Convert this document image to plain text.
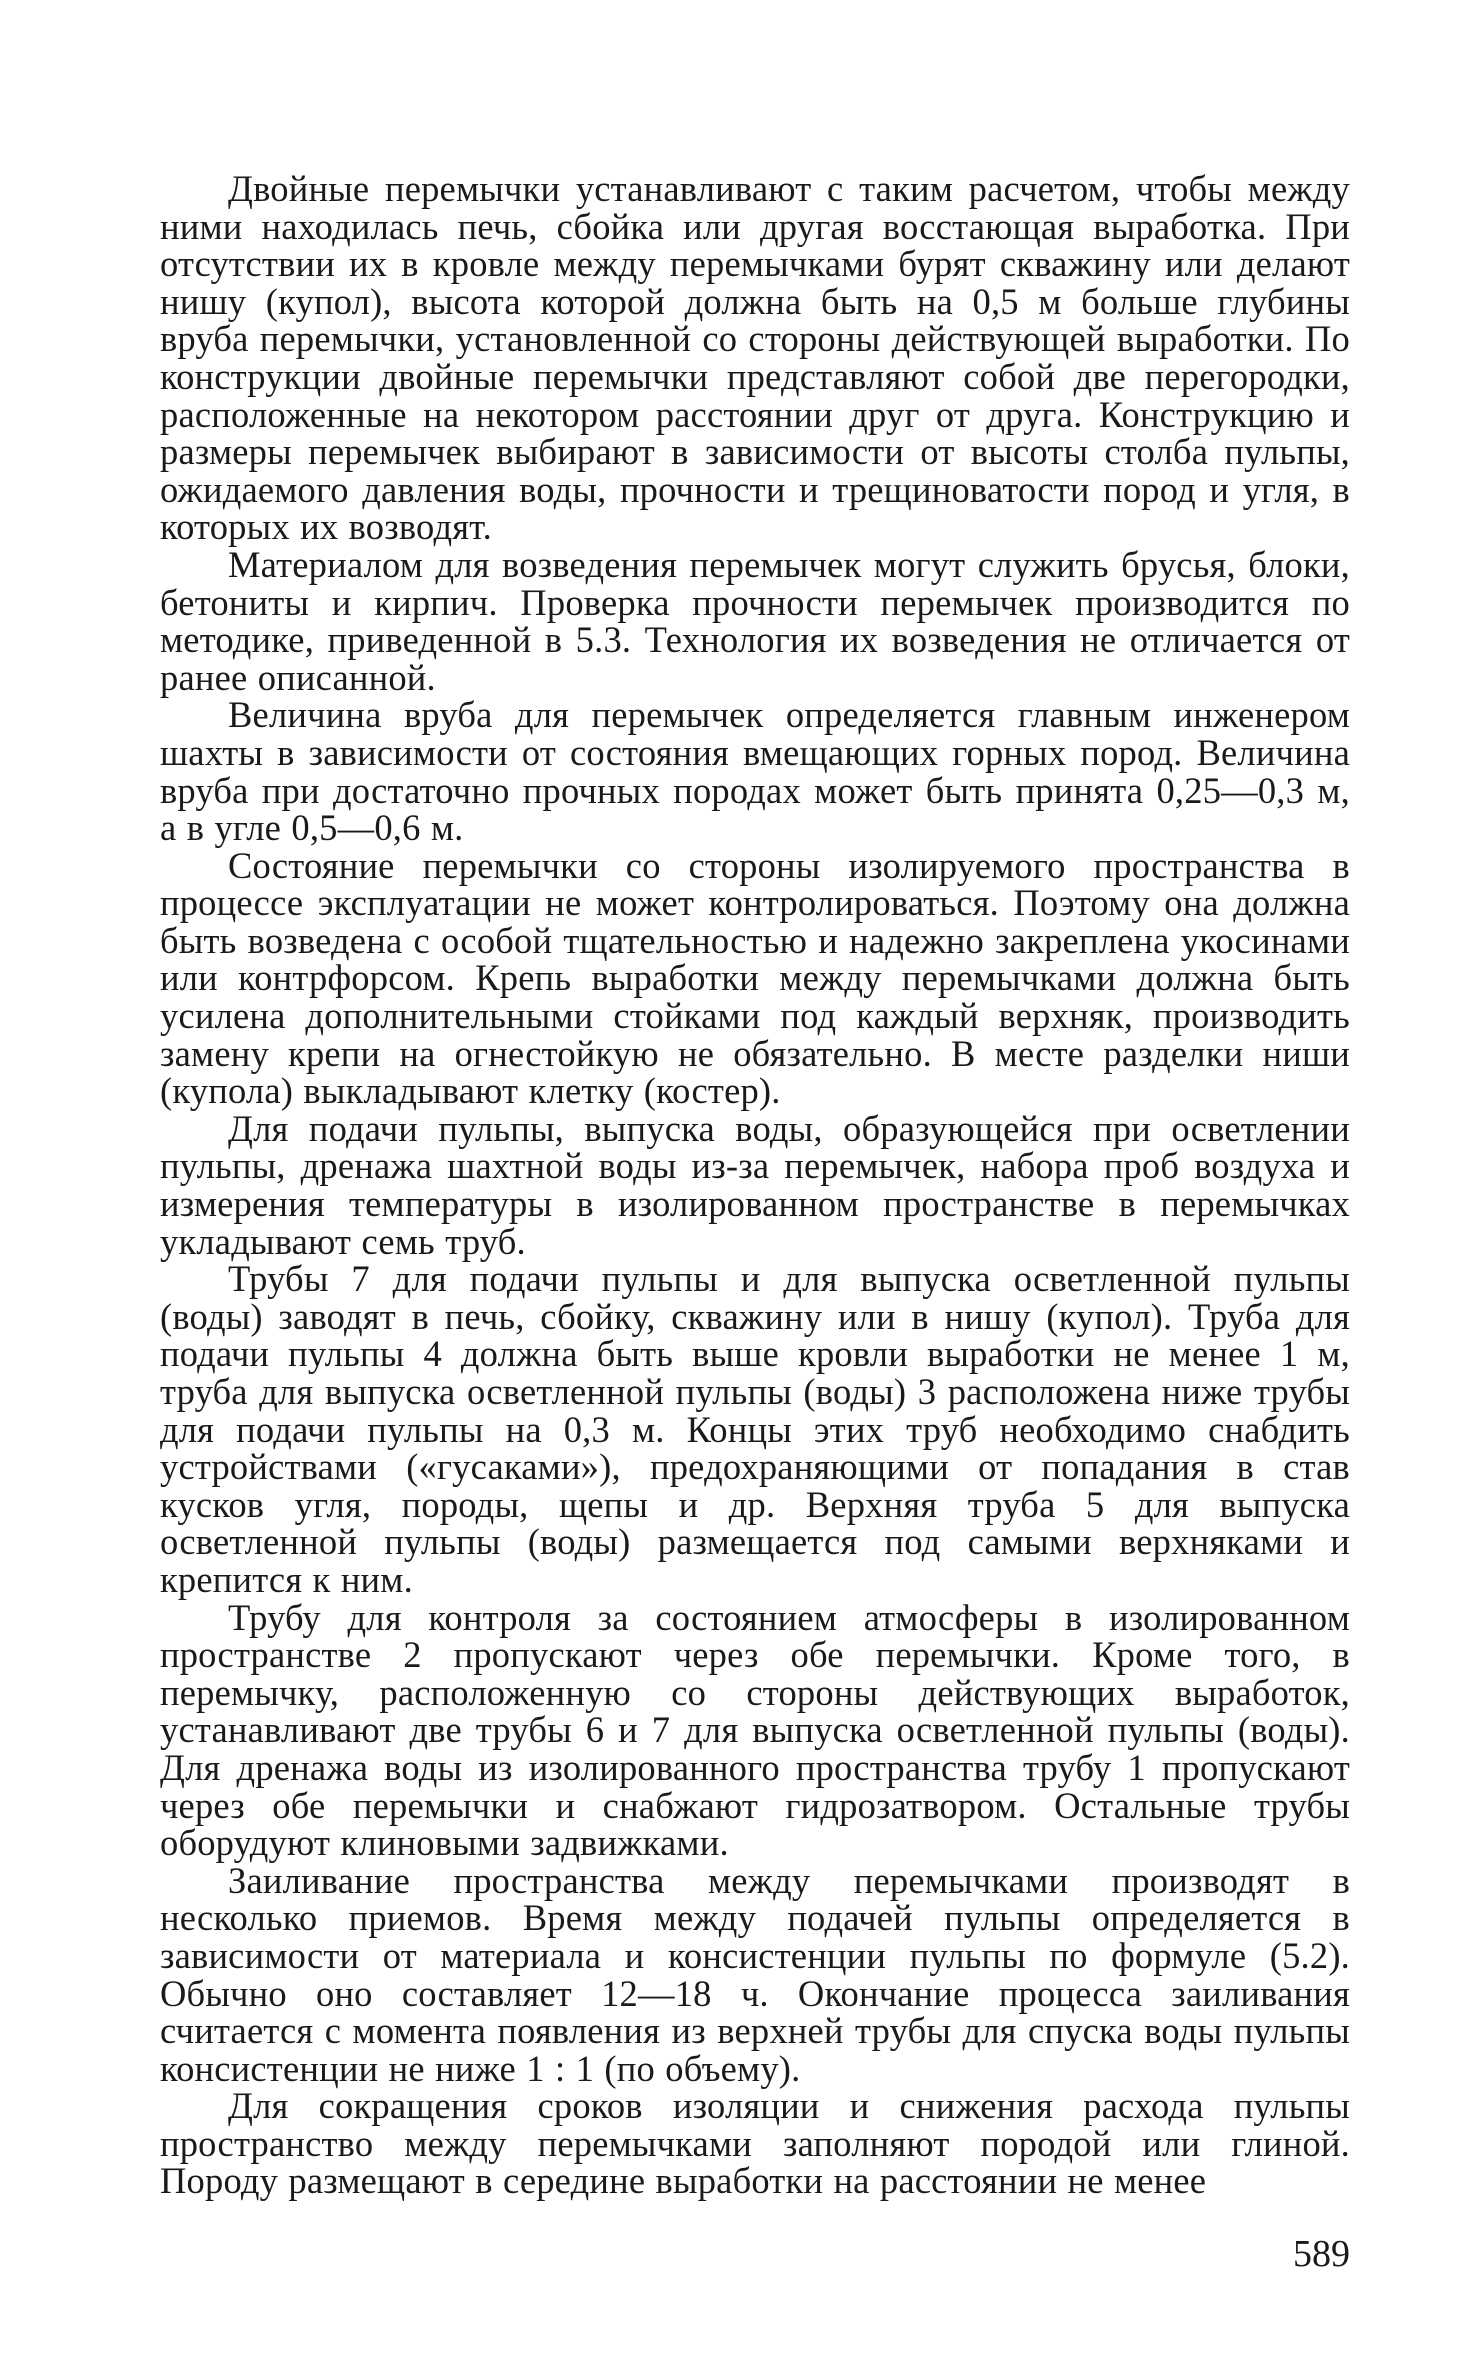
Двойные перемычки устанавливают с таким расчетом, чтобы между ними находилась печь, сбойка или другая восстающая выработка. При отсутствии их в кровле между перемычками бурят скважину или делают нишу (купол), высота которой должна быть на 0,5 м больше глубины вруба перемычки, установленной со стороны действующей выработки. По конструкции двойные перемычки представляют собой две перегородки, расположенные на некотором расстоянии друг от друга. Конструкцию и размеры перемычек выбирают в зависимости от высоты столба пульпы, ожидаемого давления воды, прочности и трещиноватости пород и угля, в которых их возводят.

Материалом для возведения перемычек могут служить брусья, блоки, бетониты и кирпич. Проверка прочности перемычек производится по методике, приведенной в 5.3. Технология их возведения не отличается от ранее описанной.

Величина вруба для перемычек определяется главным инженером шахты в зависимости от состояния вмещающих горных пород. Величина вруба при достаточно прочных породах может быть принята 0,25—0,3 м, а в угле 0,5—0,6 м.

Состояние перемычки со стороны изолируемого пространства в процессе эксплуатации не может контролироваться. Поэтому она должна быть возведена с особой тщательностью и надежно закреплена укосинами или контрфорсом. Крепь выработки между перемычками должна быть усилена дополнительными стойками под каждый верхняк, производить замену крепи на огнестойкую не обязательно. В месте разделки ниши (купола) выкладывают клетку (костер).

Для подачи пульпы, выпуска воды, образующейся при осветлении пульпы, дренажа шахтной воды из-за перемычек, набора проб воздуха и измерения температуры в изолированном пространстве в перемычках укладывают семь труб.

Трубы 7 для подачи пульпы и для выпуска осветленной пульпы (воды) заводят в печь, сбойку, скважину или в нишу (купол). Труба для подачи пульпы 4 должна быть выше кровли выработки не менее 1 м, труба для выпуска осветленной пульпы (воды) 3 расположена ниже трубы для подачи пульпы на 0,3 м. Концы этих труб необходимо снабдить устройствами («гусаками»), предохраняющими от попадания в став кусков угля, породы, щепы и др. Верхняя труба 5 для выпуска осветленной пульпы (воды) размещается под самыми верхняками и крепится к ним.

Трубу для контроля за состоянием атмосферы в изолированном пространстве 2 пропускают через обе перемычки. Кроме того, в перемычку, расположенную со стороны действующих выработок, устанавливают две трубы 6 и 7 для выпуска осветленной пульпы (воды). Для дренажа воды из изолированного пространства трубу 1 пропускают через обе перемычки и снабжают гидрозатвором. Остальные трубы оборудуют клиновыми задвижками.

Заиливание пространства между перемычками производят в несколько приемов. Время между подачей пульпы определяется в зависимости от материала и консистенции пульпы по формуле (5.2). Обычно оно составляет 12—18 ч. Окончание процесса заиливания считается с момента появления из верхней трубы для спуска воды пульпы консистенции не ниже 1 : 1 (по объему).

Для сокращения сроков изоляции и снижения расхода пульпы пространство между перемычками заполняют породой или глиной. Породу размещают в середине выработки на расстоянии не менее

589
